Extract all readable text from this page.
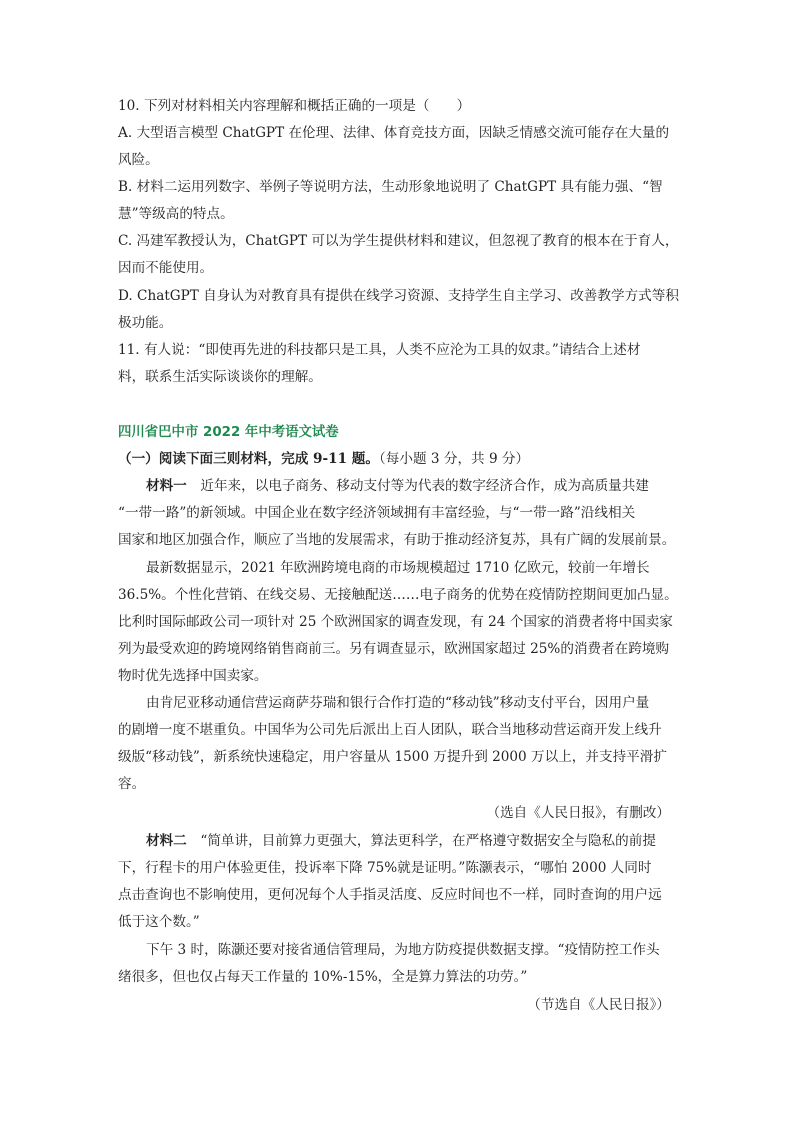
10. 下列对材料相关内容理解和概括正确的一项是（　　）
A. 大型语言模型 ChatGPT 在伦理、法律、体育竞技方面，因缺乏情感交流可能存在大量的
风险。
B. 材料二运用列数字、举例子等说明方法，生动形象地说明了 ChatGPT 具有能力强、“智
慧”等级高的特点。
C. 冯建军教授认为，ChatGPT 可以为学生提供材料和建议，但忽视了教育的根本在于育人，
因而不能使用。
D. ChatGPT 自身认为对教育具有提供在线学习资源、支持学生自主学习、改善教学方式等积
极功能。
11. 有人说：“即使再先进的科技都只是工具，人类不应沦为工具的奴隶。”请结合上述材
料，联系生活实际谈谈你的理解。
四川省巴中市 2022 年中考语文试卷
（一）阅读下面三则材料，完成 9-11 题。（每小题 3 分，共 9 分）
材料一　 近年来，以电子商务、移动支付等为代表的数字经济合作，成为高质量共建
“一带一路”的新领域。中国企业在数字经济领域拥有丰富经验，与“一带一路”沿线相关
国家和地区加强合作，顺应了当地的发展需求，有助于推动经济复苏，具有广阔的发展前景。
最新数据显示，2021 年欧洲跨境电商的市场规模超过 1710 亿欧元，较前一年增长
36.5%。个性化营销、在线交易、无接触配送……电子商务的优势在疫情防控期间更加凸显。
比利时国际邮政公司一项针对 25 个欧洲国家的调查发现，有 24 个国家的消费者将中国卖家
列为最受欢迎的跨境网络销售商前三。另有调查显示，欧洲国家超过 25%的消费者在跨境购
物时优先选择中国卖家。
由肯尼亚移动通信营运商萨芬瑞和银行合作打造的“移动钱”移动支付平台，因用户量
的剧增一度不堪重负。中国华为公司先后派出上百人团队，联合当地移动营运商开发上线升
级版“移动钱”，新系统快速稳定，用户容量从 1500 万提升到 2000 万以上，并支持平滑扩
容。
（选自《人民日报》，有删改）
材料二　 “简单讲，目前算力更强大，算法更科学，在严格遵守数据安全与隐私的前提
下，行程卡的用户体验更佳，投诉率下降 75%就是证明。”陈灏表示，“哪怕 2000 人同时
点击查询也不影响使用，更何况每个人手指灵活度、反应时间也不一样，同时查询的用户远
低于这个数。”
下午 3 时，陈灏还要对接省通信管理局，为地方防疫提供数据支撑。“疫情防控工作头
绪很多，但也仅占每天工作量的 10%-15%，全是算力算法的功劳。”
（节选自《人民日报》）
